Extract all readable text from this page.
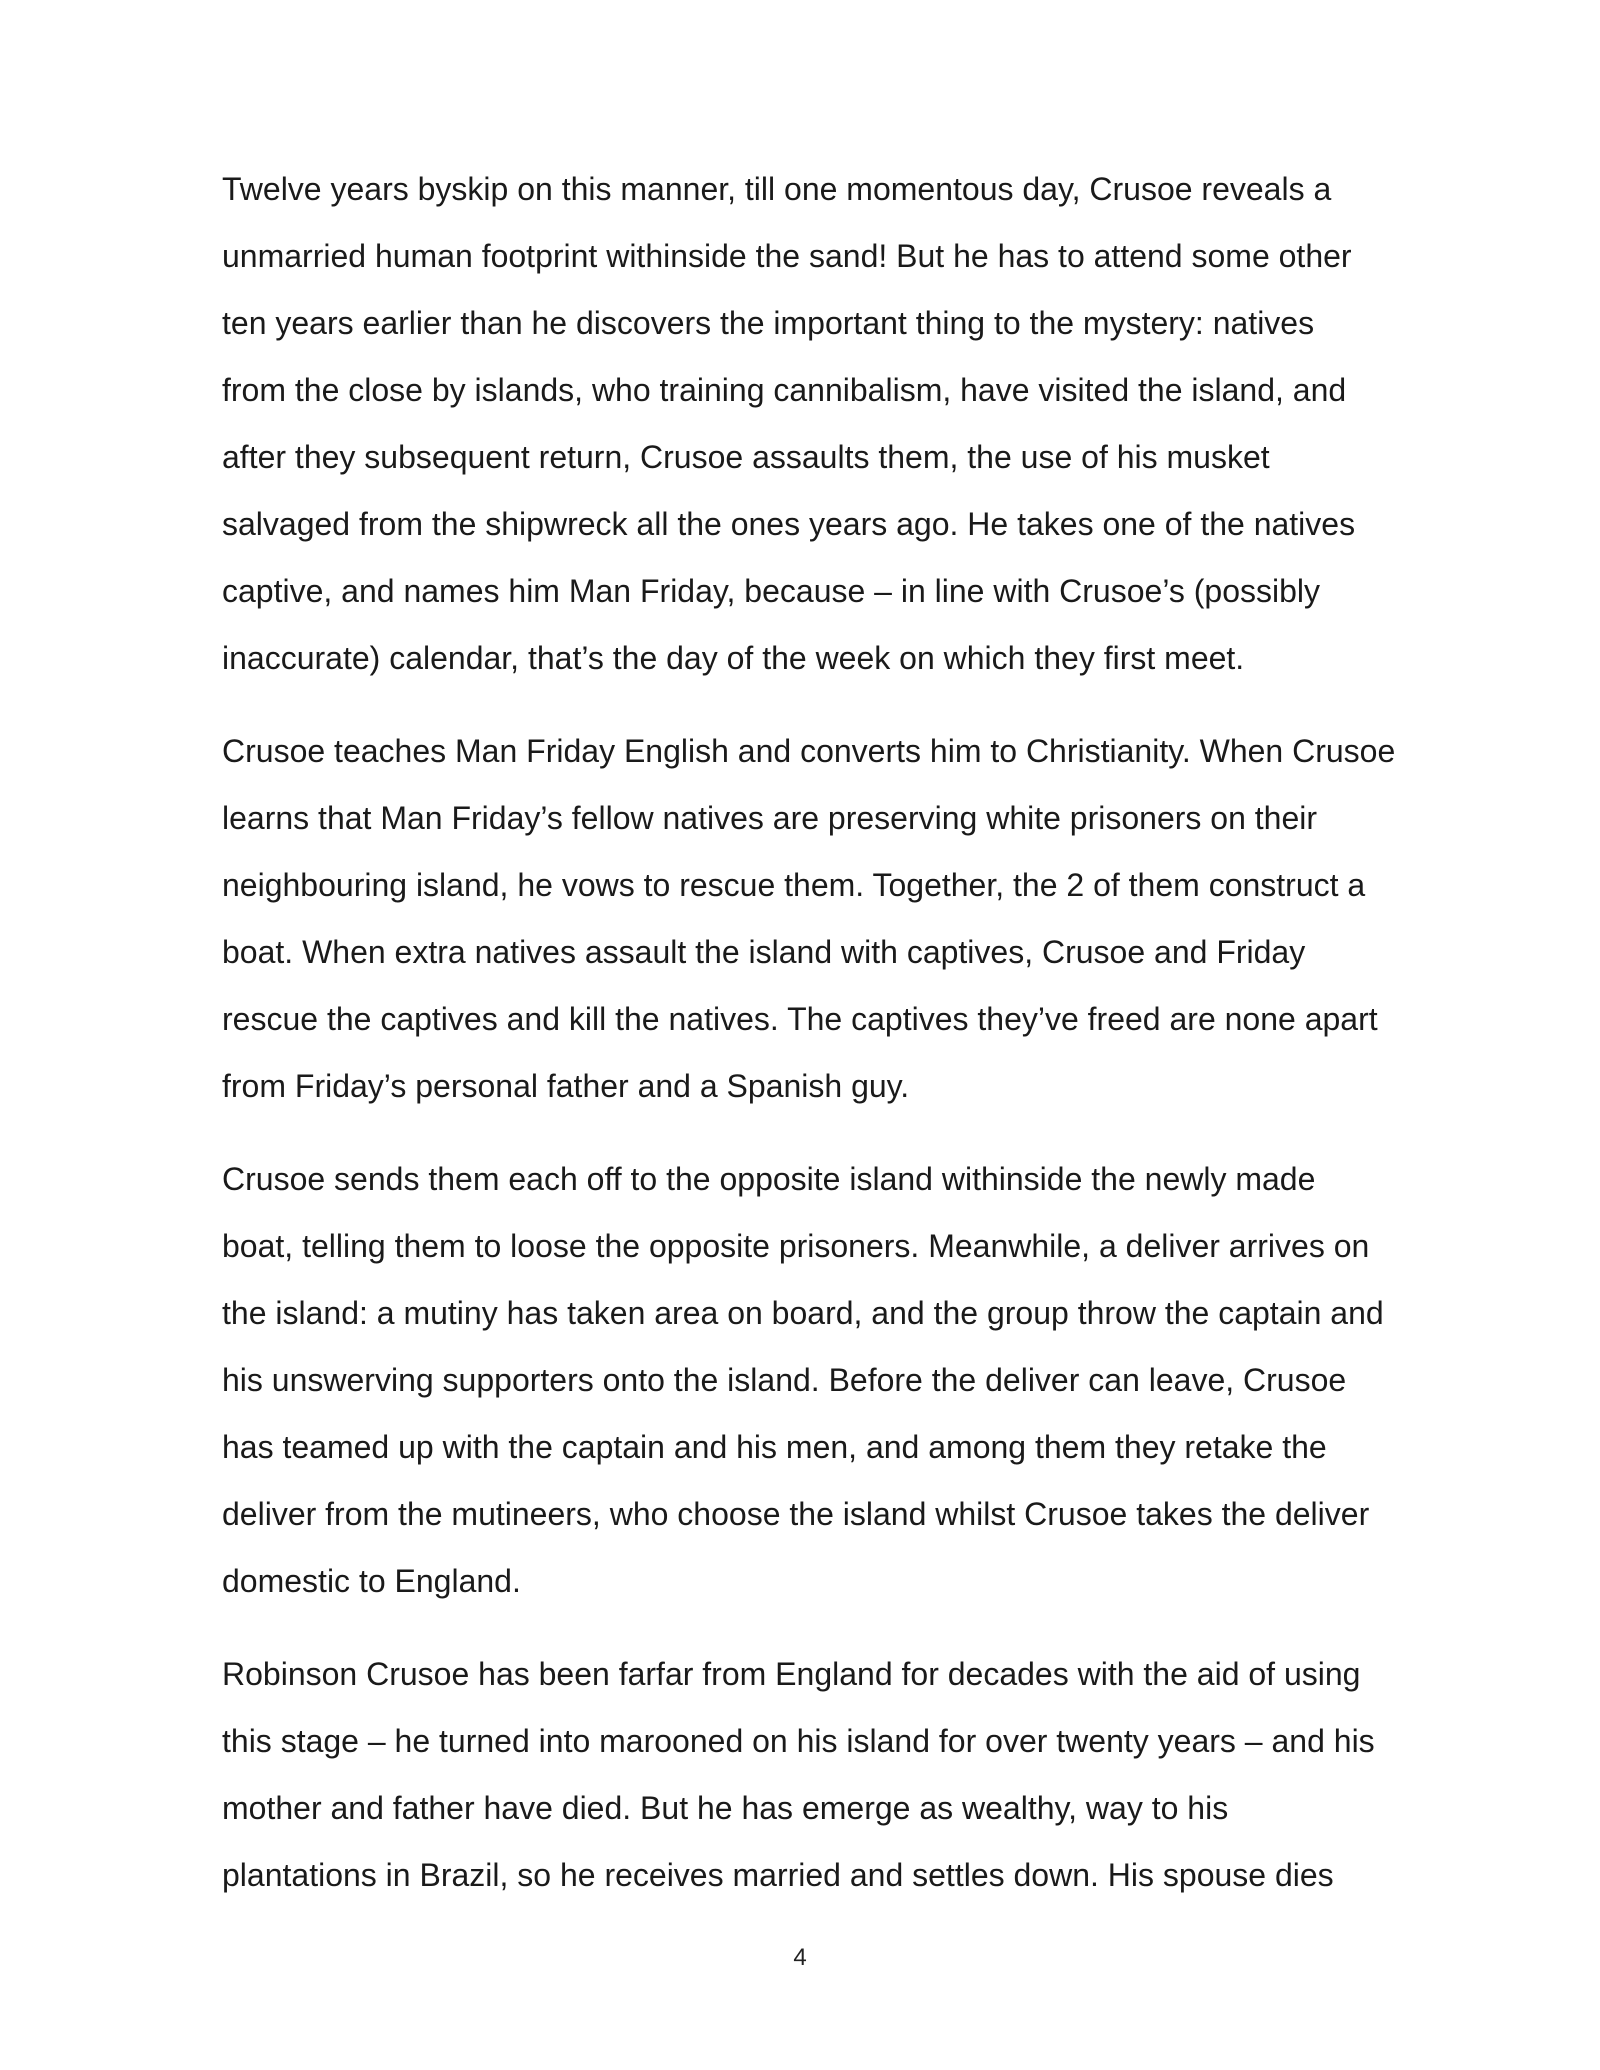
Twelve years byskip on this manner, till one momentous day, Crusoe reveals a
unmarried human footprint withinside the sand! But he has to attend some other
ten years earlier than he discovers the important thing to the mystery: natives
from the close by islands, who training cannibalism, have visited the island, and
after they subsequent return, Crusoe assaults them, the use of his musket
salvaged from the shipwreck all the ones years ago. He takes one of the natives
captive, and names him Man Friday, because – in line with Crusoe’s (possibly
inaccurate) calendar, that’s the day of the week on which they first meet.

Crusoe teaches Man Friday English and converts him to Christianity. When Crusoe
learns that Man Friday’s fellow natives are preserving white prisoners on their
neighbouring island, he vows to rescue them. Together, the 2 of them construct a
boat. When extra natives assault the island with captives, Crusoe and Friday
rescue the captives and kill the natives. The captives they’ve freed are none apart
from Friday’s personal father and a Spanish guy.

Crusoe sends them each off to the opposite island withinside the newly made
boat, telling them to loose the opposite prisoners. Meanwhile, a deliver arrives on
the island: a mutiny has taken area on board, and the group throw the captain and
his unswerving supporters onto the island. Before the deliver can leave, Crusoe
has teamed up with the captain and his men, and among them they retake the
deliver from the mutineers, who choose the island whilst Crusoe takes the deliver
domestic to England.

Robinson Crusoe has been farfar from England for decades with the aid of using
this stage – he turned into marooned on his island for over twenty years – and his
mother and father have died. But he has emerge as wealthy, way to his
plantations in Brazil, so he receives married and settles down. His spouse dies

4
